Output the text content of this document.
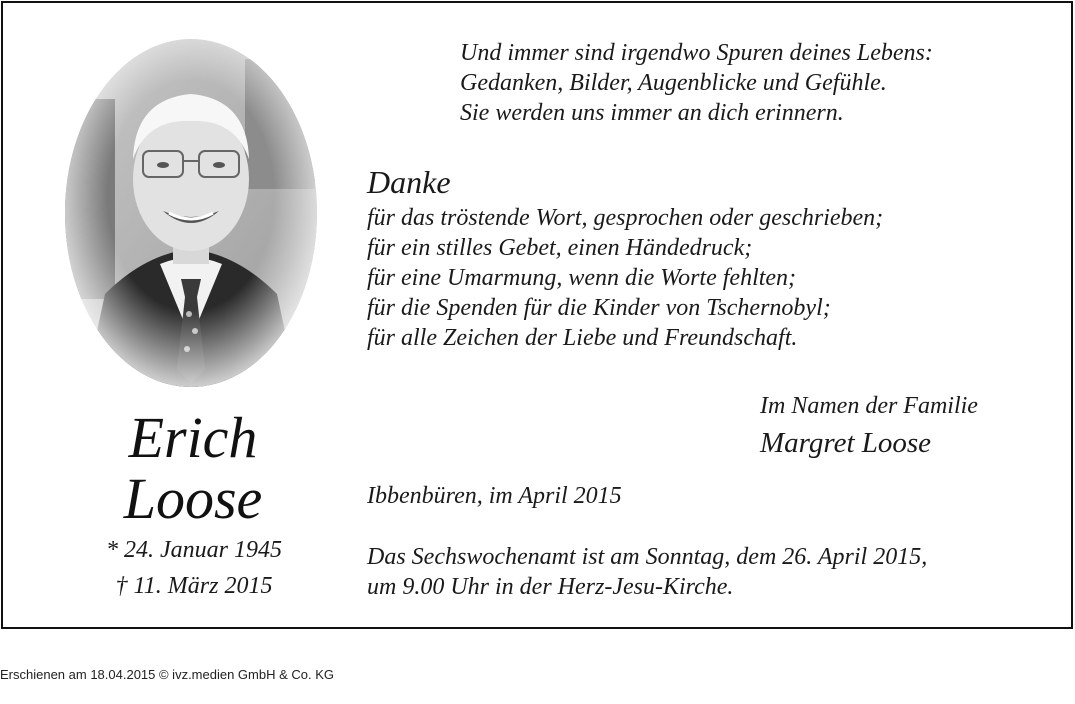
Erich
Loose
* 24. Januar 1945
† 11. März 2015
Und immer sind irgendwo Spuren deines Lebens:
Gedanken, Bilder, Augenblicke und Gefühle.
Sie werden uns immer an dich erinnern.
Danke
für das tröstende Wort, gesprochen oder geschrieben;
für ein stilles Gebet, einen Händedruck;
für eine Umarmung, wenn die Worte fehlten;
für die Spenden für die Kinder von Tschernobyl;
für alle Zeichen der Liebe und Freundschaft.
Im Namen der Familie
Margret Loose
Ibbenbüren, im April 2015
Das Sechswochenamt ist am Sonntag, dem 26. April 2015,
um 9.00 Uhr in der Herz-Jesu-Kirche.
Erschienen am 18.04.2015 © ivz.medien GmbH & Co. KG
